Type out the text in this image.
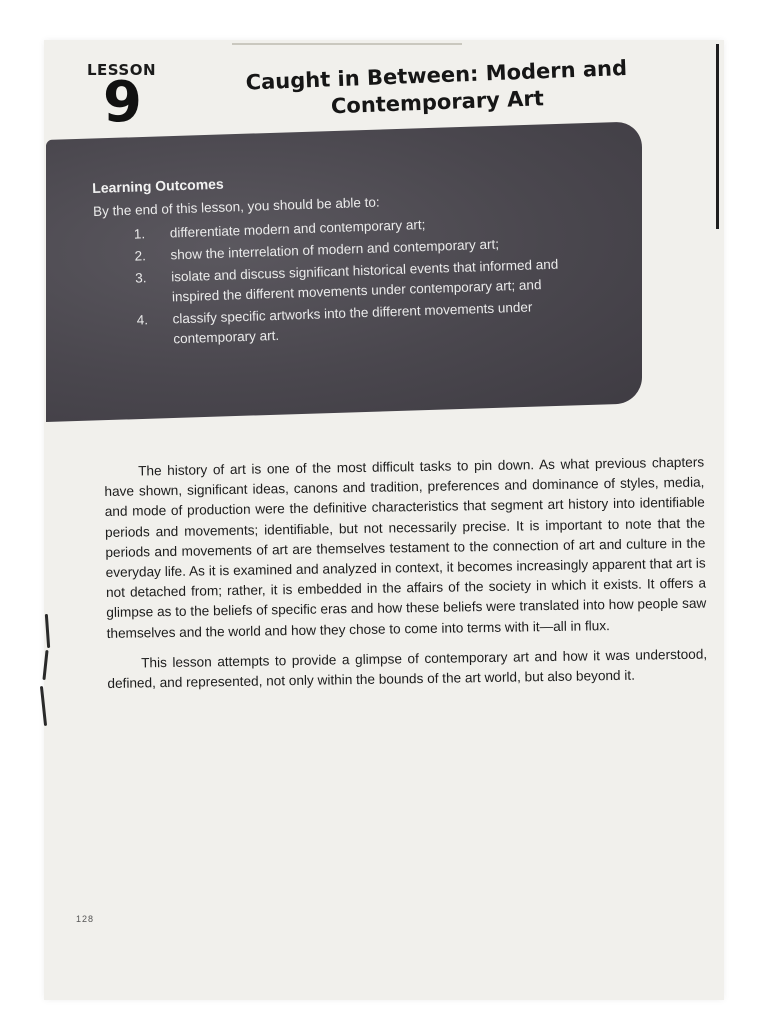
LESSON
9	Caught in Between: Modern and
Contemporary Art
Learning Outcomes
By the end of this lesson, you should be able to:
1.	differentiate modern and contemporary art;
2.	show the interrelation of modern and contemporary art;
3.	isolate and discuss significant historical events that informed and inspired the different movements under contemporary art; and
4.	classify specific artworks into the different movements under contemporary art.

The history of art is one of the most difficult tasks to pin down. As what previous chapters have shown, significant ideas, canons and tradition, preferences and dominance of styles, media, and mode of production were the definitive characteristics that segment art history into identifiable periods and movements; identifiable, but not necessarily precise. It is important to note that the periods and movements of art are themselves testament to the connection of art and culture in the everyday life. As it is examined and analyzed in context, it becomes increasingly apparent that art is not detached from; rather, it is embedded in the affairs of the society in which it exists. It offers a glimpse as to the beliefs of specific eras and how these beliefs were translated into how people saw themselves and the world and how they chose to come into terms with it—all in flux.

This lesson attempts to provide a glimpse of contemporary art and how it was understood, defined, and represented, not only within the bounds of the art world, but also beyond it.

128
